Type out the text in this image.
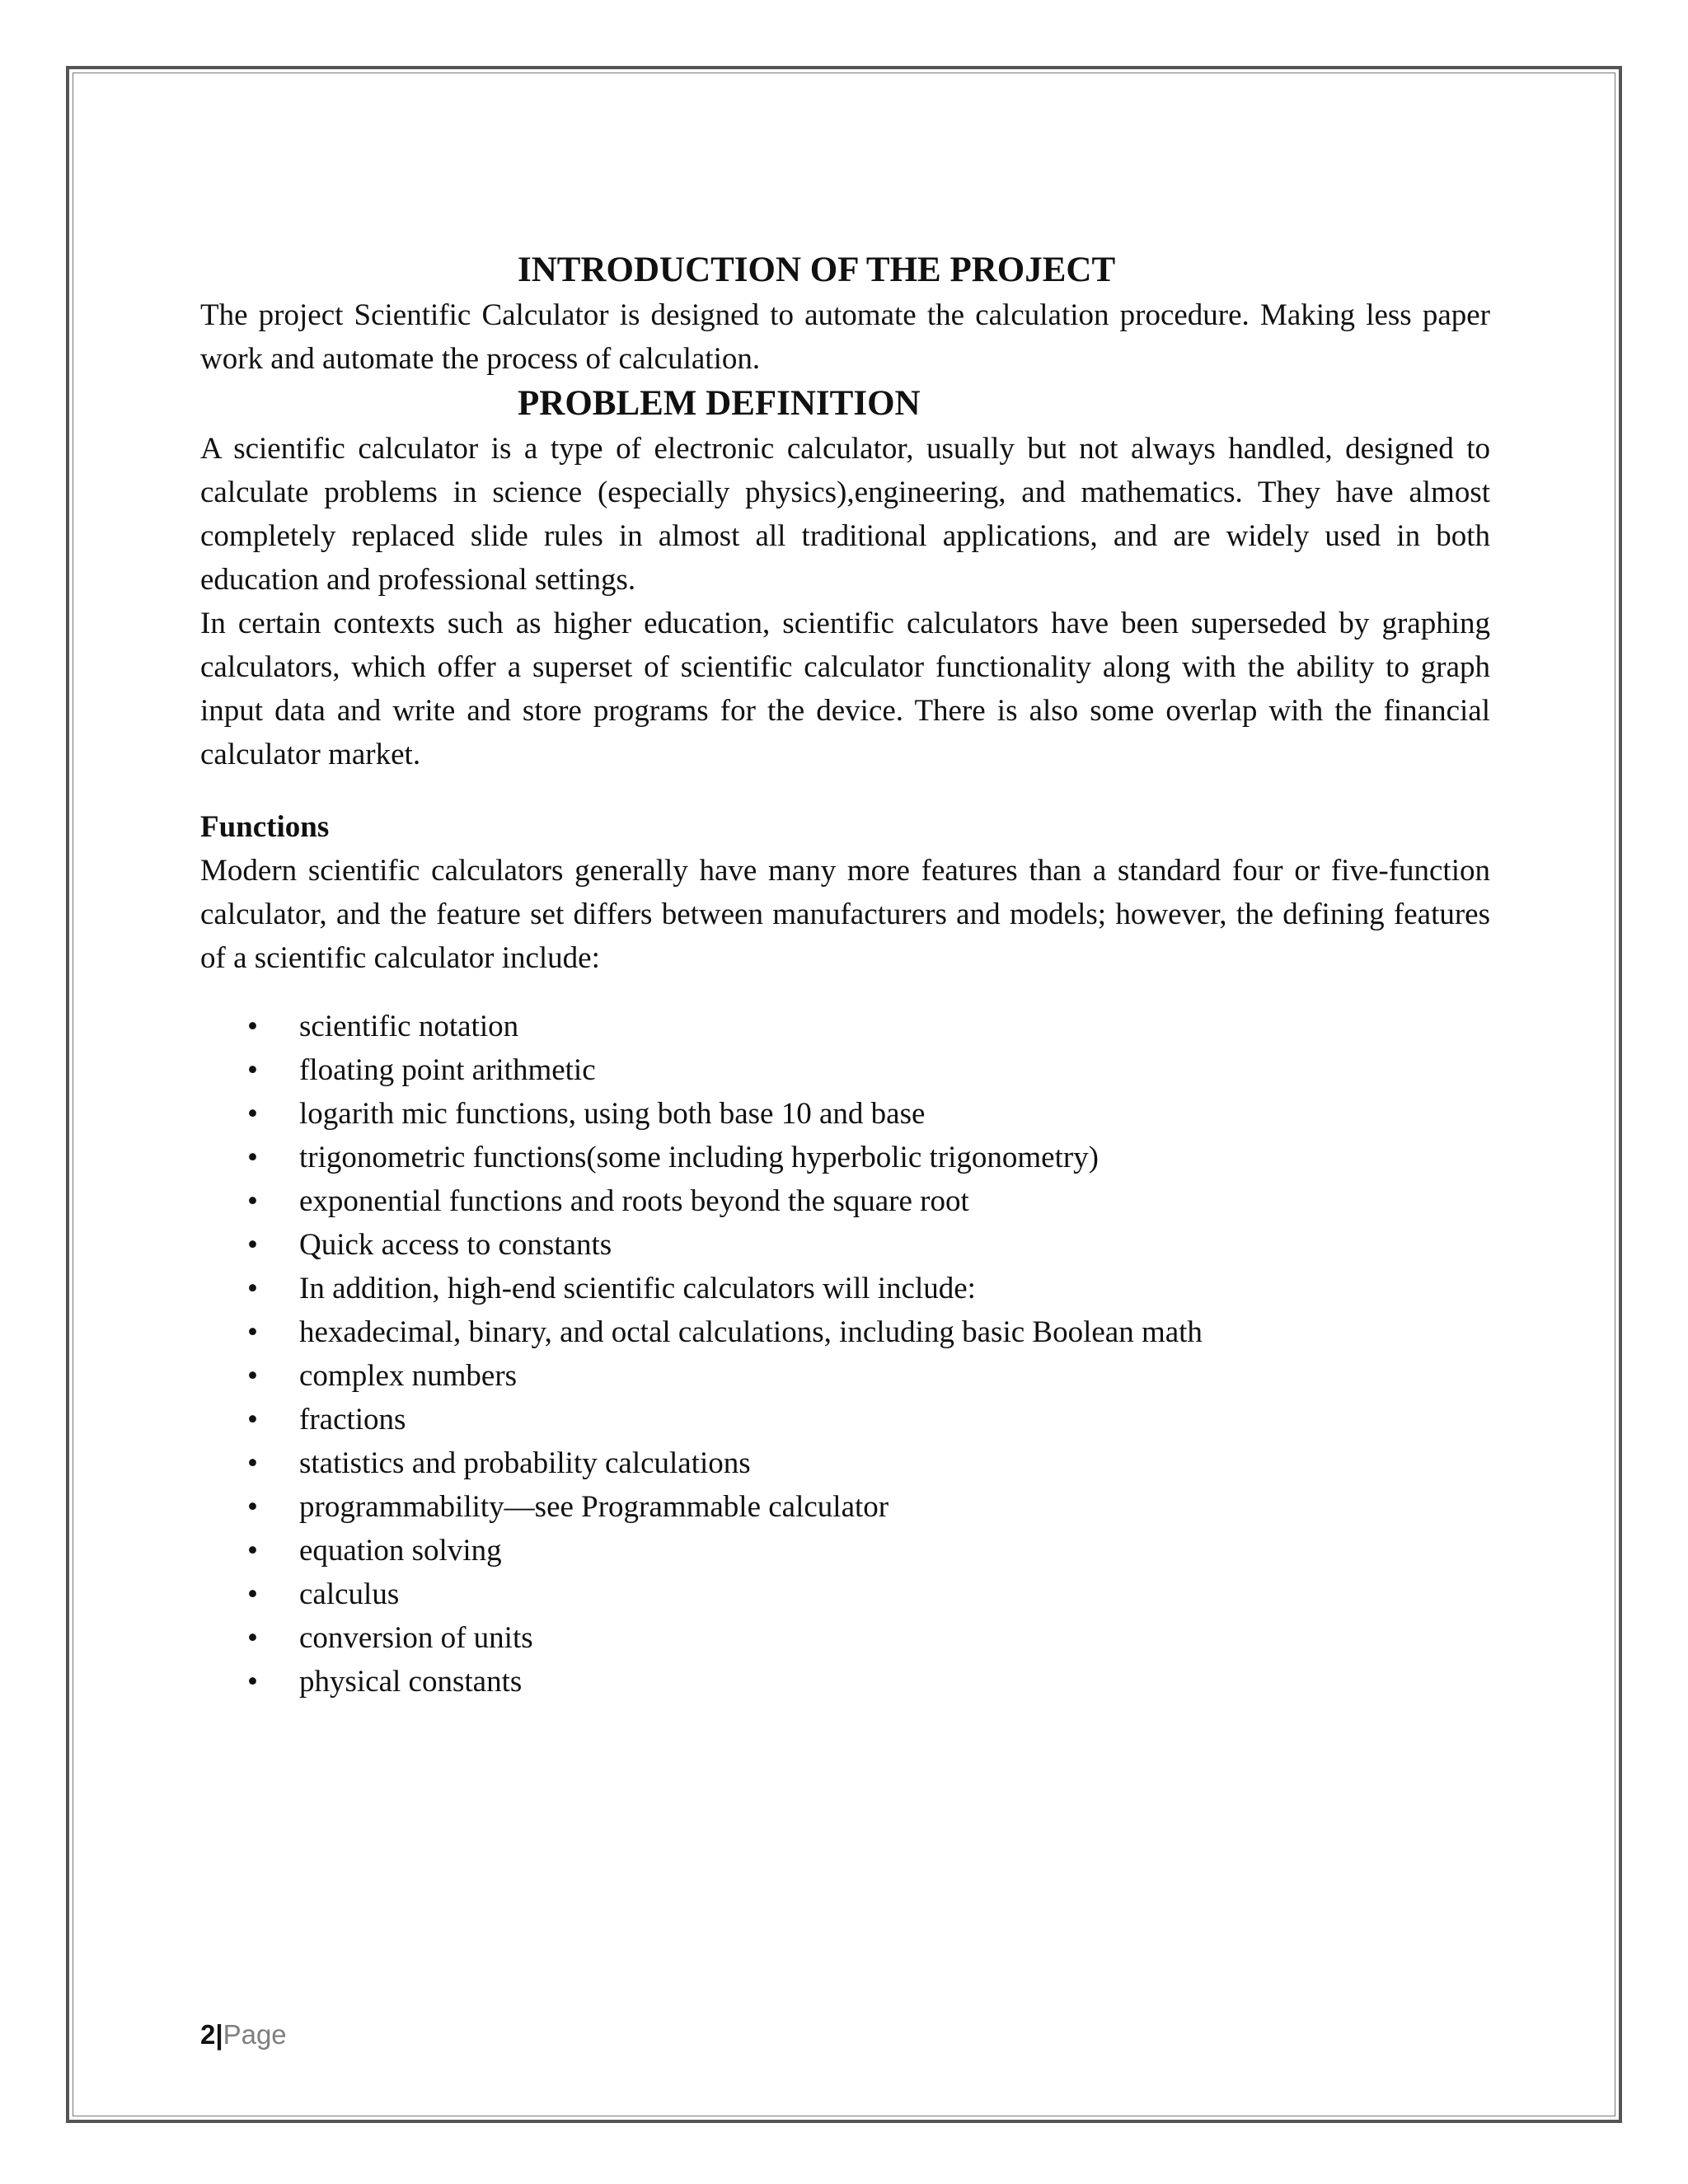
INTRODUCTION OF THE PROJECT

The project Scientific Calculator is designed to automate the calculation procedure. Making less paper work and automate the process of calculation.

PROBLEM DEFINITION

A scientific calculator is a type of electronic calculator, usually but not always handled, designed to calculate problems in science (especially physics),engineering, and mathematics. They have almost completely replaced slide rules in almost all traditional applications, and are widely used in both education and professional settings.

In certain contexts such as higher education, scientific calculators have been superseded by graphing calculators, which offer a superset of scientific calculator functionality along with the ability to graph input data and write and store programs for the device. There is also some overlap with the financial calculator market.

Functions

Modern scientific calculators generally have many more features than a standard four or five-function calculator, and the feature set differs between manufacturers and models; however, the defining features of a scientific calculator include:

• scientific notation
• floating point arithmetic
• logarith mic functions, using both base 10 and base
• trigonometric functions(some including hyperbolic trigonometry)
• exponential functions and roots beyond the square root
• Quick access to constants
• In addition, high-end scientific calculators will include:
• hexadecimal, binary, and octal calculations, including basic Boolean math
• complex numbers
• fractions
• statistics and probability calculations
• programmability—see Programmable calculator
• equation solving
• calculus
• conversion of units
• physical constants
2|Page
